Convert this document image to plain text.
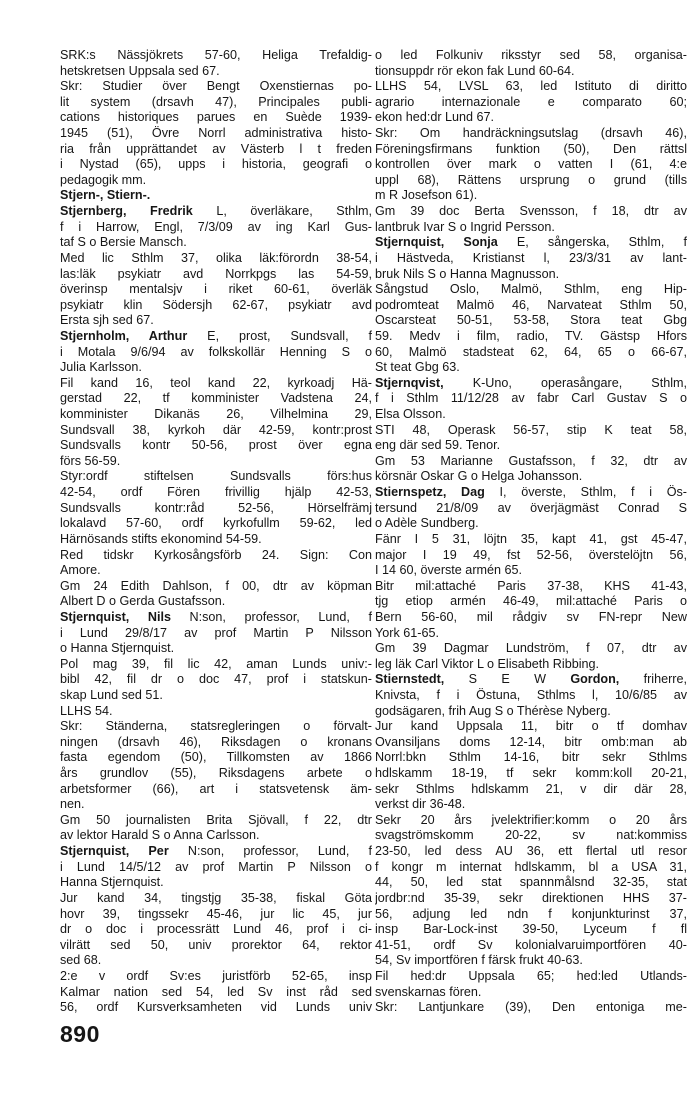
SRK:s Nässjökrets 57-60, Heliga Trefaldig-
hetskretsen Uppsala sed 67.
Skr: Studier över Bengt Oxenstiernas po-
lit system (drsavh 47), Principales publi-
cations historiques parues en Suède 1939-
1945 (51), Övre Norrl administrativa histo-
ria från upprättandet av Västerb l t freden
i Nystad (65), upps i historia, geografi o
pedagogik mm.
Stjern-, Stiern-.
Stjernberg, Fredrik L, överläkare, Sthlm,
f i Harrow, Engl, 7/3/09 av ing Karl Gus-
taf S o Bersie Mansch.
Med lic Sthlm 37, olika läk:förordn 38-54,
las:läk psykiatr avd Norrkpgs las 54-59,
överinsp mentalsjv i riket 60-61, överläk
psykiatr klin Södersjh 62-67, psykiatr avd
Ersta sjh sed 67.
Stjernholm, Arthur E, prost, Sundsvall, f
i Motala 9/6/94 av folkskollär Henning S o
Julia Karlsson.
Fil kand 16, teol kand 22, kyrkoadj Hä-
gerstad 22, tf komminister Vadstena 24,
komminister Dikanäs 26, Vilhelmina 29,
Sundsvall 38, kyrkoh där 42-59, kontr:prost
Sundsvalls kontr 50-56, prost över egna
förs 56-59.
Styr:ordf stiftelsen Sundsvalls förs:hus
42-54, ordf Fören frivillig hjälp 42-53,
Sundsvalls kontr:råd 52-56, Hörselfrämj
lokalavd 57-60, ordf kyrkofullm 59-62, led
Härnösands stifts ekonomind 54-59.
Red tidskr Kyrkosångsförb 24. Sign: Con
Amore.
Gm 24 Edith Dahlson, f 00, dtr av köpman
Albert D o Gerda Gustafsson.
Stjernquist, Nils N:son, professor, Lund, f
i Lund 29/8/17 av prof Martin P Nilsson
o Hanna Stjernquist.
Pol mag 39, fil lic 42, aman Lunds univ:-
bibl 42, fil dr o doc 47, prof i statskun-
skap Lund sed 51.
LLHS 54.
Skr: Ständerna, statsregleringen o förvalt-
ningen (drsavh 46), Riksdagen o kronans
fasta egendom (50), Tillkomsten av 1866
års grundlov (55), Riksdagens arbete o
arbetsformer (66), art i statsvetensk äm-
nen.
Gm 50 journalisten Brita Sjövall, f 22, dtr
av lektor Harald S o Anna Carlsson.
Stjernquist, Per N:son, professor, Lund, f
i Lund 14/5/12 av prof Martin P Nilsson o
Hanna Stjernquist.
Jur kand 34, tingstjg 35-38, fiskal Göta
hovr 39, tingssekr 45-46, jur lic 45, jur
dr o doc i processrätt Lund 46, prof i ci-
vilrätt sed 50, univ prorektor 64, rektor
sed 68.
2:e v ordf Sv:es juristförb 52-65, insp
Kalmar nation sed 54, led Sv inst råd sed
56, ordf Kursverksamheten vid Lunds univ
o led Folkuniv riksstyr sed 58, organisa-
tionsuppdr rör ekon fak Lund 60-64.
LLHS 54, LVSL 63, led Istituto di diritto
agrario internazionale e comparato 60;
ekon hed:dr Lund 67.
Skr: Om handräckningsutslag (drsavh 46),
Föreningsfirmans funktion (50), Den rättsl
kontrollen över mark o vatten I (61, 4:e
uppl 68), Rättens ursprung o grund (tills
m R Josefson 61).
Gm 39 doc Berta Svensson, f 18, dtr av
lantbruk Ivar S o Ingrid Persson.
Stjernquist, Sonja E, sångerska, Sthlm, f
i Hästveda, Kristianst l, 23/3/31 av lant-
bruk Nils S o Hanna Magnusson.
Sångstud Oslo, Malmö, Sthlm, eng Hip-
podromteat Malmö 46, Narvateat Sthlm 50,
Oscarsteat 50-51, 53-58, Stora teat Gbg
59. Medv i film, radio, TV. Gästsp Hfors
60, Malmö stadsteat 62, 64, 65 o 66-67,
St teat Gbg 63.
Stjernqvist, K-Uno, operasångare, Sthlm,
f i Sthlm 11/12/28 av fabr Carl Gustav S o
Elsa Olsson.
STI 48, Operask 56-57, stip K teat 58,
eng där sed 59. Tenor.
Gm 53 Marianne Gustafsson, f 32, dtr av
körsnär Oskar G o Helga Johansson.
Stiernspetz, Dag I, överste, Sthlm, f i Ös-
tersund 21/8/09 av överjägmäst Conrad S
o Adèle Sundberg.
Fänr I 5 31, löjtn 35, kapt 41, gst 45-47,
major I 19 49, fst 52-56, överstelöjtn 56,
I 14 60, överste armén 65.
Bitr mil:attaché Paris 37-38, KHS 41-43,
tjg etiop armén 46-49, mil:attaché Paris o
Bern 56-60, mil rådgiv sv FN-repr New
York 61-65.
Gm 39 Dagmar Lundström, f 07, dtr av
leg läk Carl Viktor L o Elisabeth Ribbing.
Stiernstedt, S E W Gordon, friherre,
Knivsta, f i Östuna, Sthlms l, 10/6/85 av
godsägaren, frih Aug S o Thérèse Nyberg.
Jur kand Uppsala 11, bitr o tf domhav
Ovansiljans doms 12-14, bitr omb:man ab
Norrl:bkn Sthlm 14-16, bitr sekr Sthlms
hdlskamm 18-19, tf sekr komm:koll 20-21,
sekr Sthlms hdlskamm 21, v dir där 28,
verkst dir 36-48.
Sekr 20 års jvelektrifier:komm o 20 års
svagströmskomm 20-22, sv nat:kommiss
23-50, led dess AU 36, ett flertal utl resor
f kongr m internat hdlskamm, bl a USA 31,
44, 50, led stat spannmålsnd 32-35, stat
jordbr:nd 35-39, sekr direktionen HHS 37-
56, adjung led ndn f konjunkturinst 37,
insp Bar-Lock-inst 39-50, Lyceum f fl
41-51, ordf Sv kolonialvaruimportfören 40-
54, Sv importfören f färsk frukt 40-63.
Fil hed:dr Uppsala 65; hed:led Utlands-
svenskarnas fören.
Skr: Lantjunkare (39), Den entoniga me-
890
